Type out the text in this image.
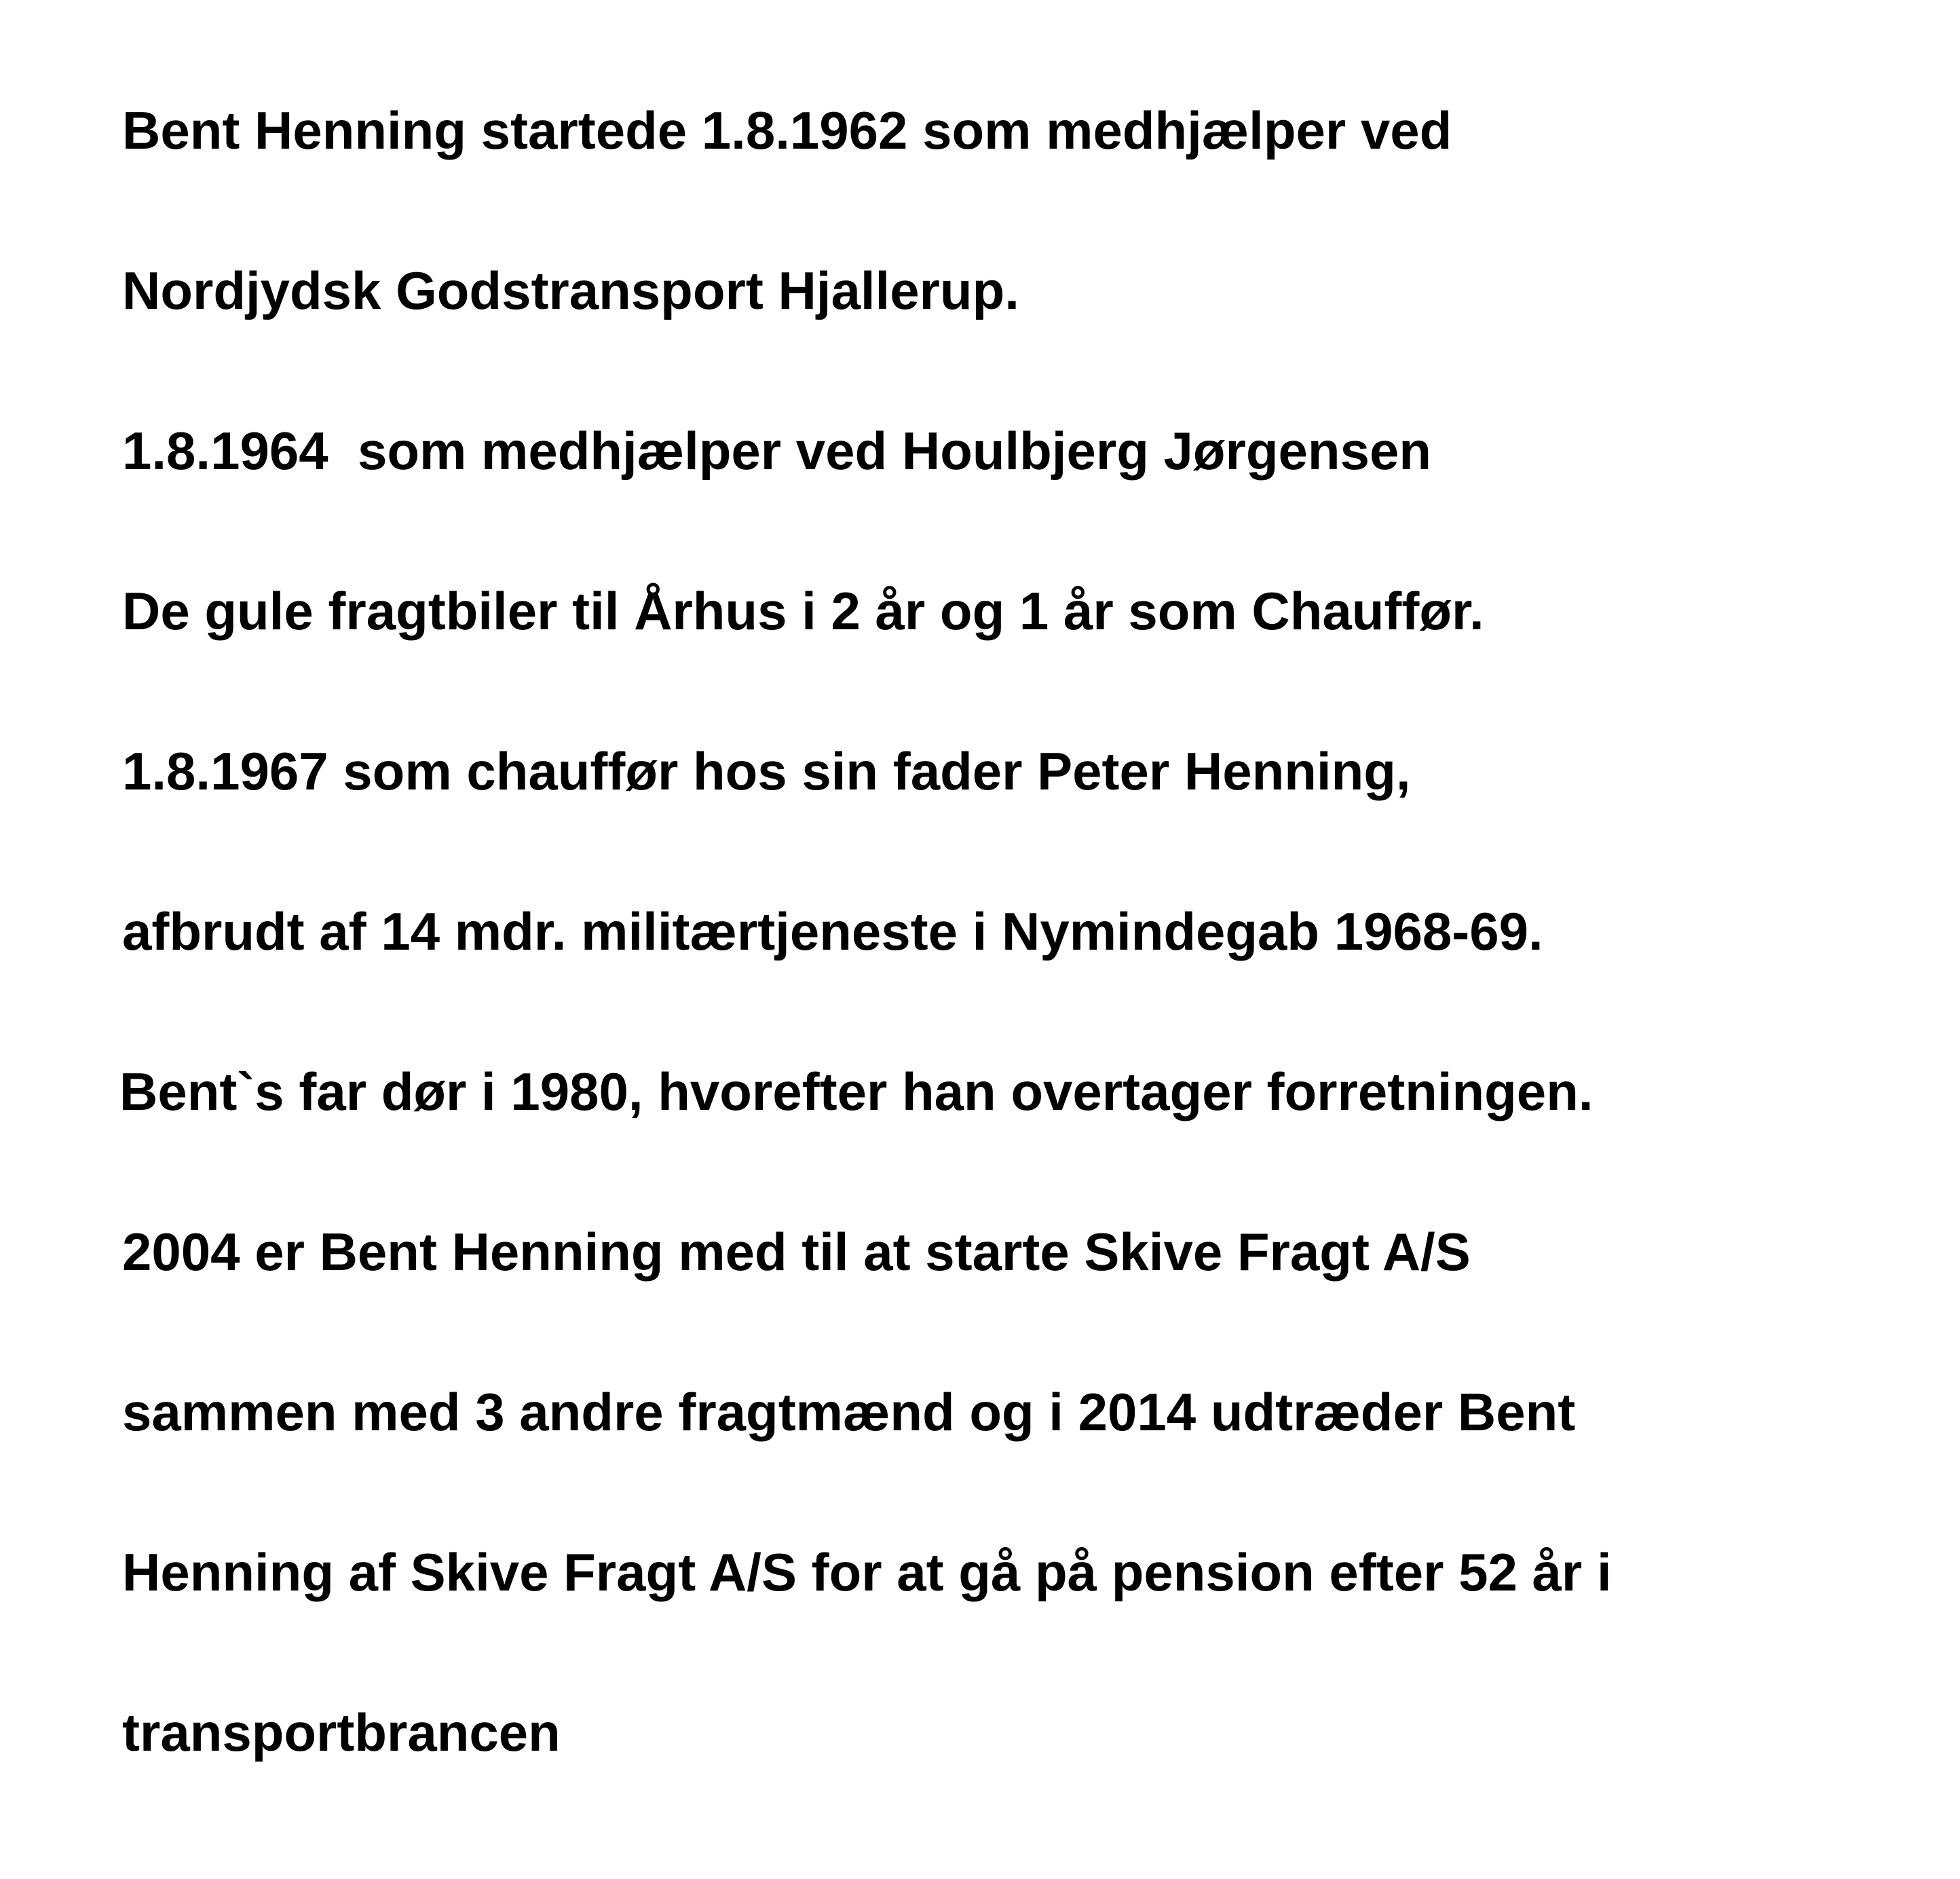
Bent Henning startede 1.8.1962 som medhjælper ved

Nordjydsk Godstransport Hjallerup.

1.8.1964  som medhjælper ved Houlbjerg Jørgensen

De gule fragtbiler til Århus i 2 år og 1 år som Chauffør.

1.8.1967 som chauffør hos sin fader Peter Henning,

afbrudt af 14 mdr. militærtjeneste i Nymindegab 1968-69.

Bent`s far dør i 1980, hvorefter han overtager forretningen.

2004 er Bent Henning med til at starte Skive Fragt A/S

sammen med 3 andre fragtmænd og i 2014 udtræder Bent

Henning af Skive Fragt A/S for at gå på pension efter 52 år i

transportbrancen
